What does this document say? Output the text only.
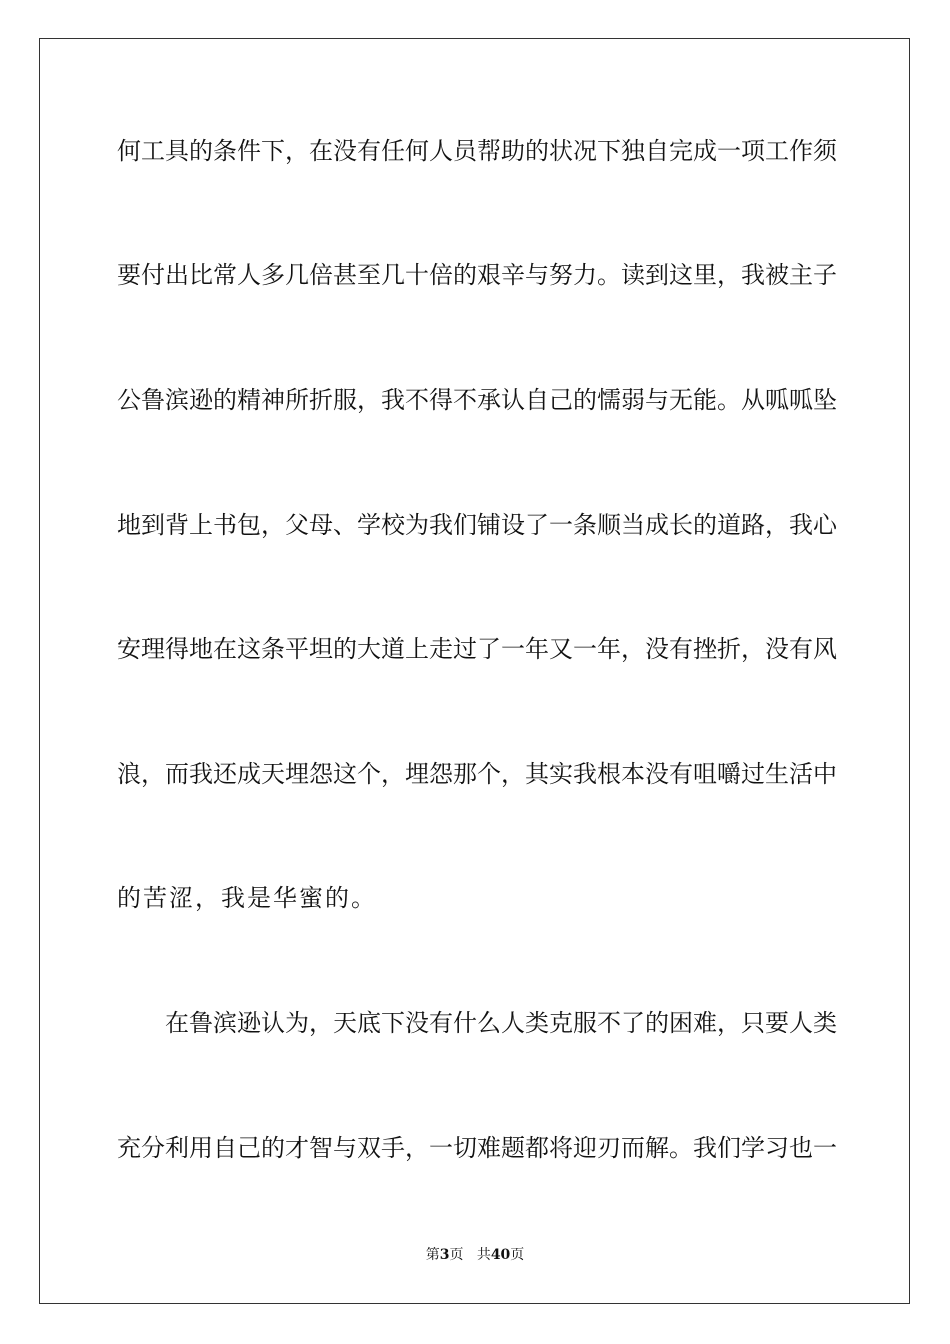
何 工 具 的 条 件 下 ， 在 没 有 任 何 人 员 帮 助 的 状 况 下 独 自 完 成 一 项 工 作 须
要 付 出 比 常 人 多 几 倍 甚 至 几 十 倍 的 艰 辛 与 努 力 。 读 到 这 里 ， 我 被 主 子
公 鲁 滨 逊 的 精 神 所 折 服 ， 我 不 得 不 承 认 自 己 的 懦 弱 与 无 能 。 从 呱 呱 坠
地 到 背 上 书 包 ， 父 母 、 学 校 为 我 们 铺 设 了 一 条 顺 当 成 长 的 道 路 ， 我 心
安 理 得 地 在 这 条 平 坦 的 大 道 上 走 过 了 一 年 又 一 年 ， 没 有 挫 折 ， 没 有 风
浪 ， 而 我 还 成 天 埋 怨 这 个 ， 埋 怨 那 个 ， 其 实 我 根 本 没 有 咀 嚼 过 生 活 中
的苦涩，我是华蜜的。
在 鲁 滨 逊 认 为 ， 天 底 下 没 有 什 么 人 类 克 服 不 了 的 困 难 ， 只 要 人 类
充 分 利 用 自 己 的 才 智 与 双 手 ， 一 切 难 题 都 将 迎 刃 而 解 。 我 们 学 习 也 一
第3页 共40页
